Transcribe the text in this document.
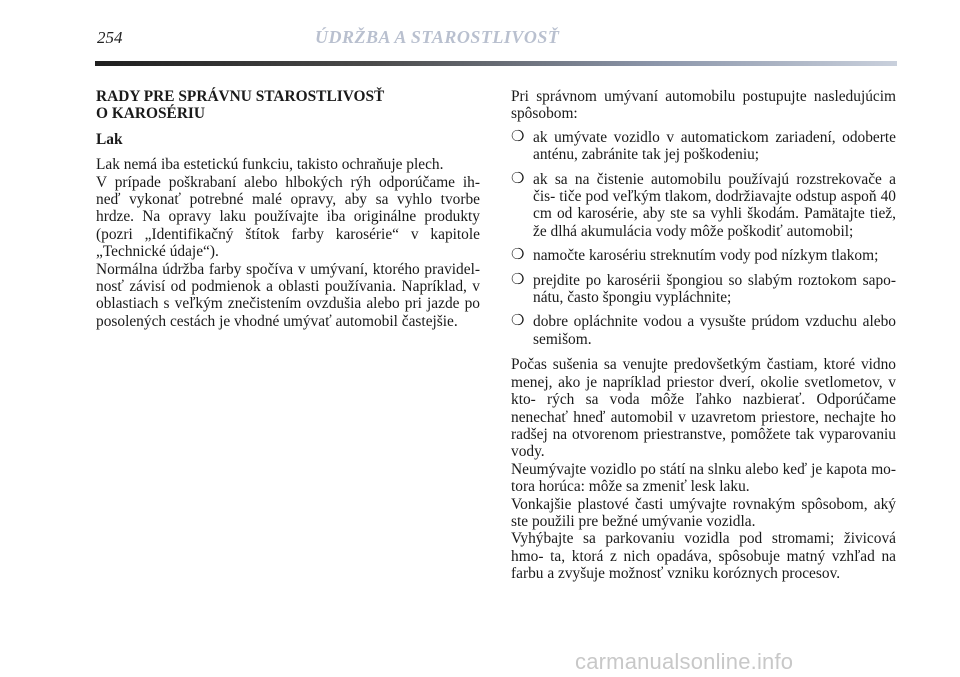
254	ÚDRŽBA A STAROSTLIVOSŤ

RADY PRE SPRÁVNU STAROSTLIVOSŤ
O KAROSÉRIU

Lak

Lak nemá iba estetickú funkciu, takisto ochraňuje plech.

V prípade poškrabaní alebo hlbokých rýh odporúčame ih- neď vykonať potrebné malé opravy, aby sa vyhlo tvorbe hrdze. Na opravy laku používajte iba originálne produkty (pozri „Identifikačný štítok farby karosérie“ v kapitole „Technické údaje“).

Normálna údržba farby spočíva v umývaní, ktorého pravidel- nosť závisí od podmienok a oblasti používania. Napríklad, v oblastiach s veľkým znečistením ovzdušia alebo pri jazde po posolených cestách je vhodné umývať automobil častejšie.

Pri správnom umývaní automobilu postupujte nasledujúcim spôsobom:

❍ ak umývate vozidlo v automatickom zariadení, odoberte anténu, zabránite tak jej poškodeniu;
❍ ak sa na čistenie automobilu používajú rozstrekovače a čis- tiče pod veľkým tlakom, dodržiavajte odstup aspoň 40 cm od karosérie, aby ste sa vyhli škodám. Pamätajte tiež, že dlhá akumulácia vody môže poškodiť automobil;
❍ namočte karosériu streknutím vody pod nízkym tlakom;
❍ prejdite po karosérii špongiou so slabým roztokom sapo- nátu, často špongiu vypláchnite;
❍ dobre opláchnite vodou a vysušte prúdom vzduchu alebo semišom.

Počas sušenia sa venujte predovšetkým častiam, ktoré vidno menej, ako je napríklad priestor dverí, okolie svetlometov, v kto- rých sa voda môže ľahko nazbierať. Odporúčame nenechať hneď automobil v uzavretom priestore, nechajte ho radšej na otvorenom priestranstve, pomôžete tak vyparovaniu vody.

Neumývajte vozidlo po státí na slnku alebo keď je kapota mo- tora horúca: môže sa zmeniť lesk laku.

Vonkajšie plastové časti umývajte rovnakým spôsobom, aký ste použili pre bežné umývanie vozidla.

Vyhýbajte sa parkovaniu vozidla pod stromami; živicová hmo- ta, ktorá z nich opadáva, spôsobuje matný vzhľad na farbu a zvyšuje možnosť vzniku koróznych procesov.

carmanualsonline.info
